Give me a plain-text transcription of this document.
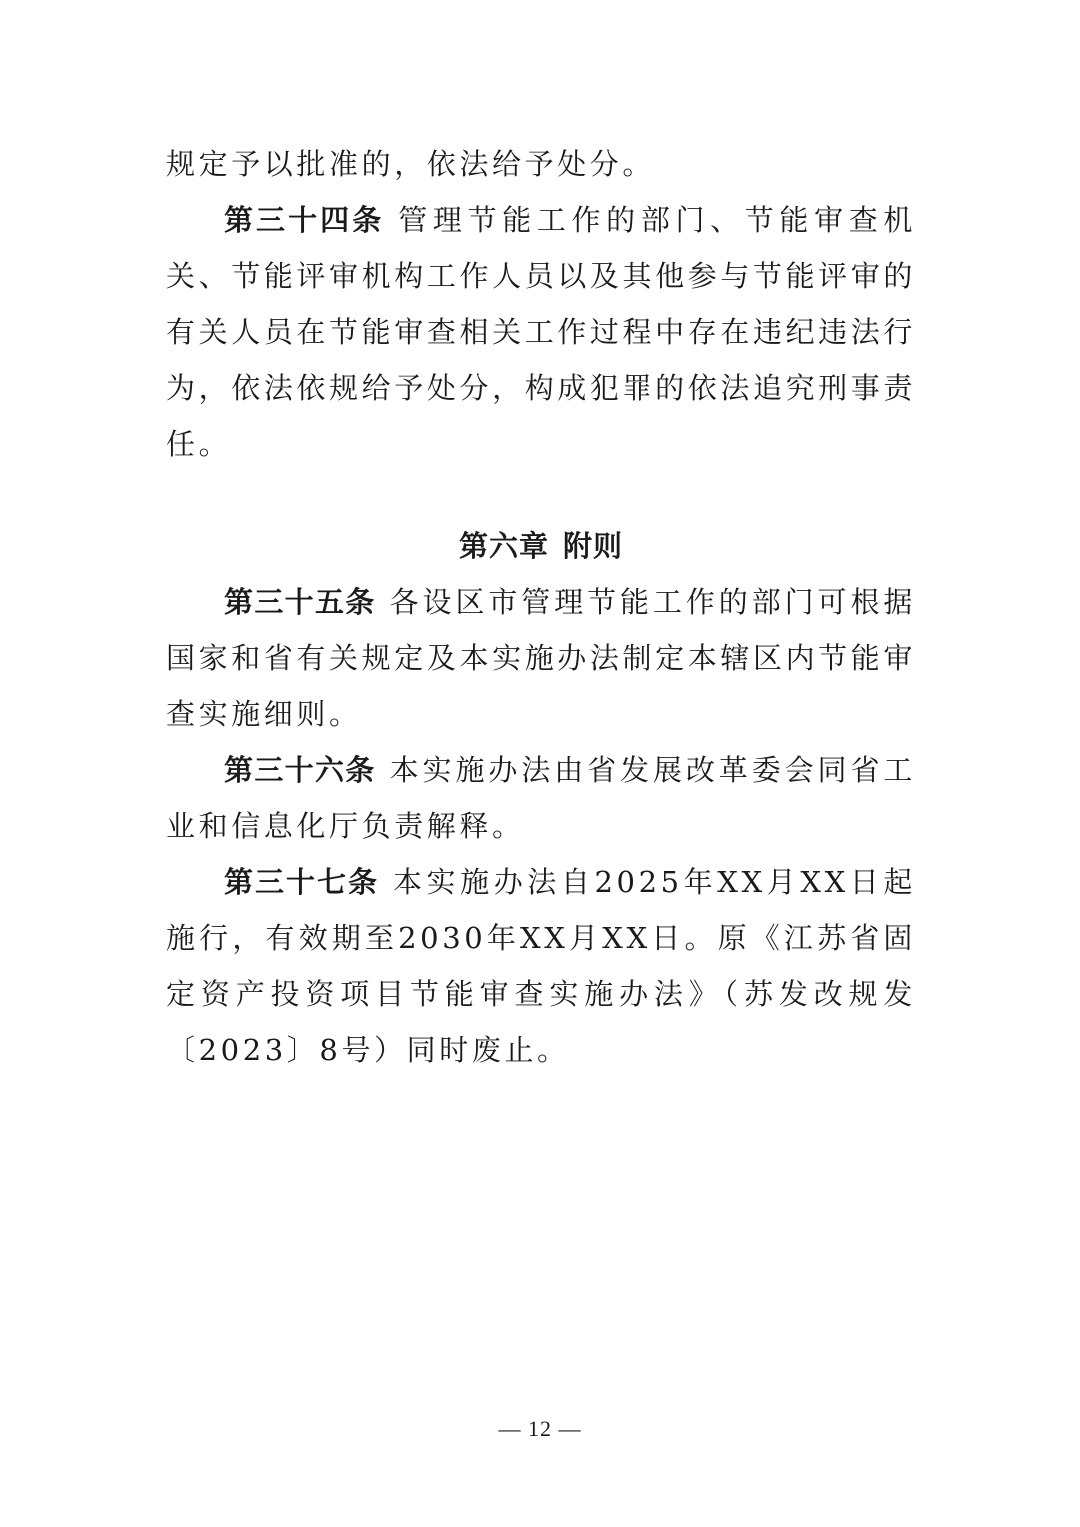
规定予以批准的，依法给予处分。

第三十四条 管理节能工作的部门、节能审查机关、节能评审机构工作人员以及其他参与节能评审的有关人员在节能审查相关工作过程中存在违纪违法行为，依法依规给予处分，构成犯罪的依法追究刑事责任。

第六章 附则

第三十五条 各设区市管理节能工作的部门可根据国家和省有关规定及本实施办法制定本辖区内节能审查实施细则。

第三十六条 本实施办法由省发展改革委会同省工业和信息化厅负责解释。

第三十七条 本实施办法自2025年XX月XX日起施行，有效期至2030年XX月XX日。原《江苏省固定资产投资项目节能审查实施办法》（苏发改规发〔2023〕8号）同时废止。

— 12 —
